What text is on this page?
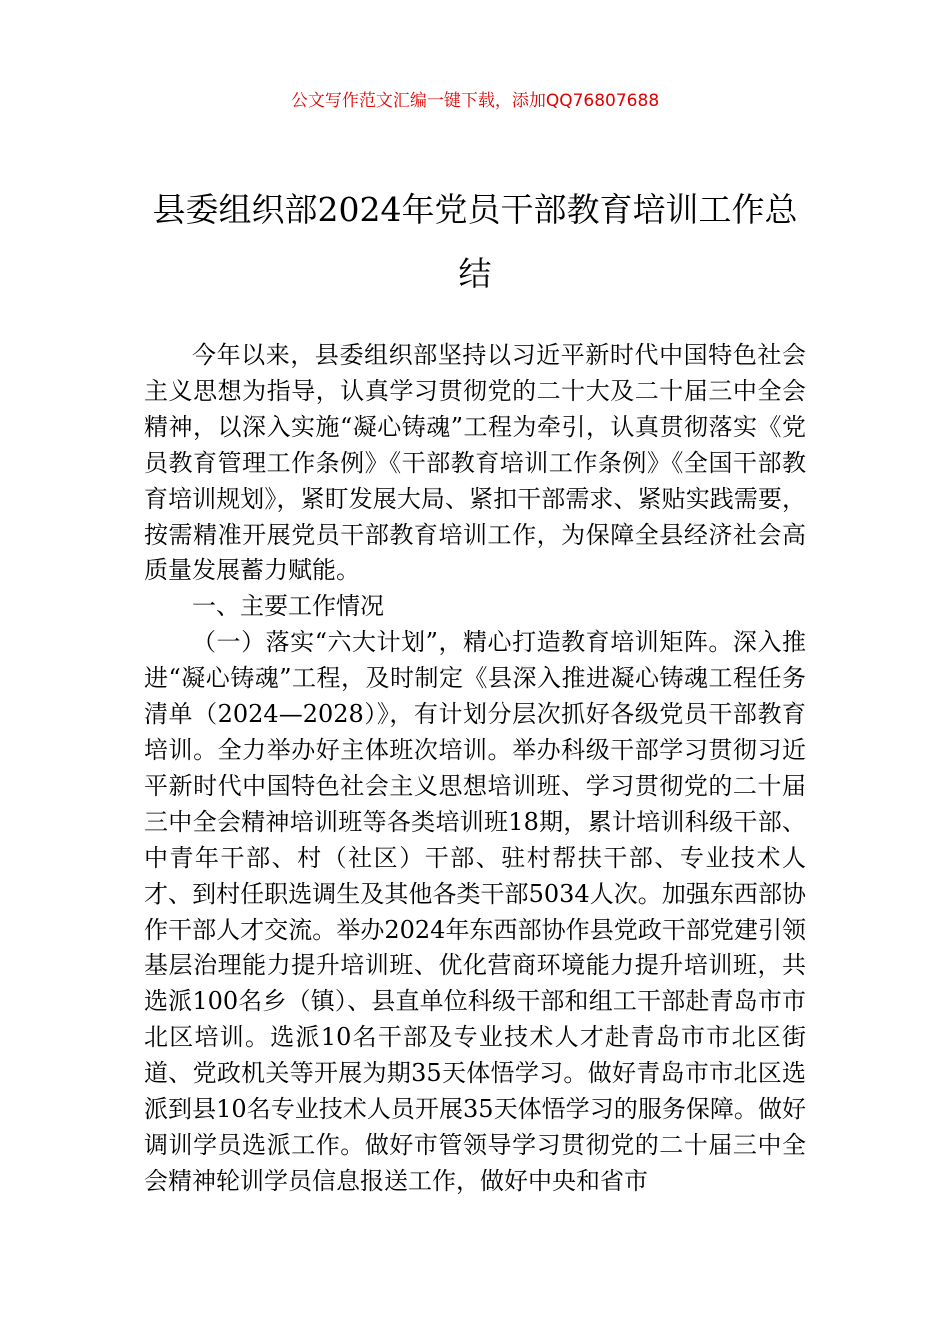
公文写作范文汇编一键下载，添加QQ76807688
县委组织部2024年党员干部教育培训工作总结

今年以来，县委组织部坚持以习近平新时代中国特色社会主义思想为指导，认真学习贯彻党的二十大及二十届三中全会精神，以深入实施“凝心铸魂”工程为牵引，认真贯彻落实《党员教育管理工作条例》《干部教育培训工作条例》《全国干部教育培训规划》，紧盯发展大局、紧扣干部需求、紧贴实践需要，按需精准开展党员干部教育培训工作，为保障全县经济社会高质量发展蓄力赋能。

一、主要工作情况

（一）落实“六大计划”，精心打造教育培训矩阵。深入推进“凝心铸魂”工程，及时制定《县深入推进凝心铸魂工程任务清单（2024—2028）》，有计划分层次抓好各级党员干部教育培训。全力举办好主体班次培训。举办科级干部学习贯彻习近平新时代中国特色社会主义思想培训班、学习贯彻党的二十届三中全会精神培训班等各类培训班18期，累计培训科级干部、中青年干部、村（社区）干部、驻村帮扶干部、专业技术人才、到村任职选调生及其他各类干部5034人次。加强东西部协作干部人才交流。举办2024年东西部协作县党政干部党建引领基层治理能力提升培训班、优化营商环境能力提升培训班，共选派100名乡（镇）、县直单位科级干部和组工干部赴青岛市市北区培训。选派10名干部及专业技术人才赴青岛市市北区街道、党政机关等开展为期35天体悟学习。做好青岛市市北区选派到县10名专业技术人员开展35天体悟学习的服务保障。做好调训学员选派工作。做好市管领导学习贯彻党的二十届三中全会精神轮训学员信息报送工作，做好中央和省市
